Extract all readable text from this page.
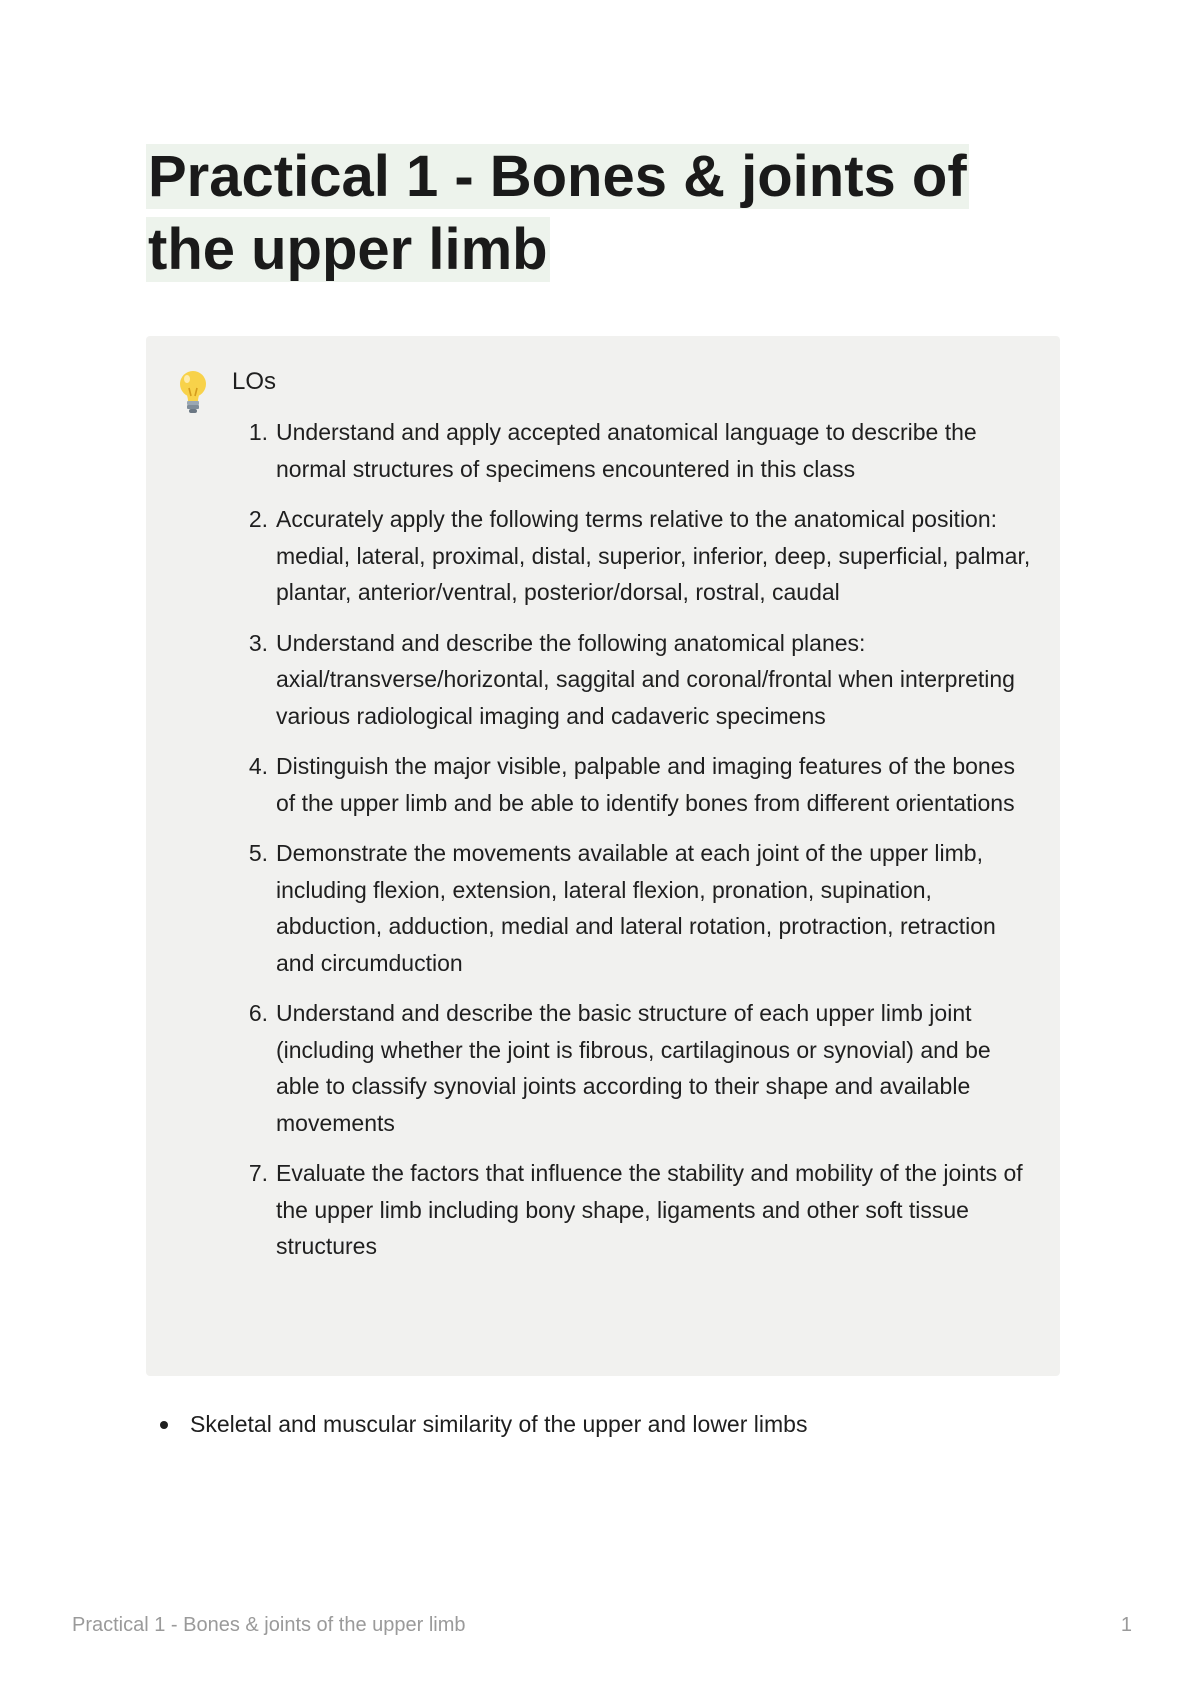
Practical 1 - Bones & joints of the upper limb
LOs
1 . Understand and apply accepted anatomical language to describe the normal structures of specimens encountered in this class
2 . Accurately apply the following terms relative to the anatomical position: medial, lateral, proximal, distal, superior, inferior, deep, superficial, palmar, plantar, anterior/ventral, posterior/dorsal, rostral, caudal
3 . Understand and describe the following anatomical planes: axial/transverse/horizontal, saggital and coronal/frontal when interpreting various radiological imaging and cadaveric specimens
4 . Distinguish the major visible, palpable and imaging features of the bones of the upper limb and be able to identify bones from different orientations
5 . Demonstrate the movements available at each joint of the upper limb, including flexion, extension, lateral flexion, pronation, supination, abduction, adduction, medial and lateral rotation, protraction, retraction and circumduction
6 . Understand and describe the basic structure of each upper limb joint (including whether the joint is fibrous, cartilaginous or synovial) and be able to classify synovial joints according to their shape and available movements
7 . Evaluate the factors that influence the stability and mobility of the joints of the upper limb including bony shape, ligaments and other soft tissue structures
Skeletal and muscular similarity of the upper and lower limbs
Practical 1 - Bones & joints of the upper limb	1
